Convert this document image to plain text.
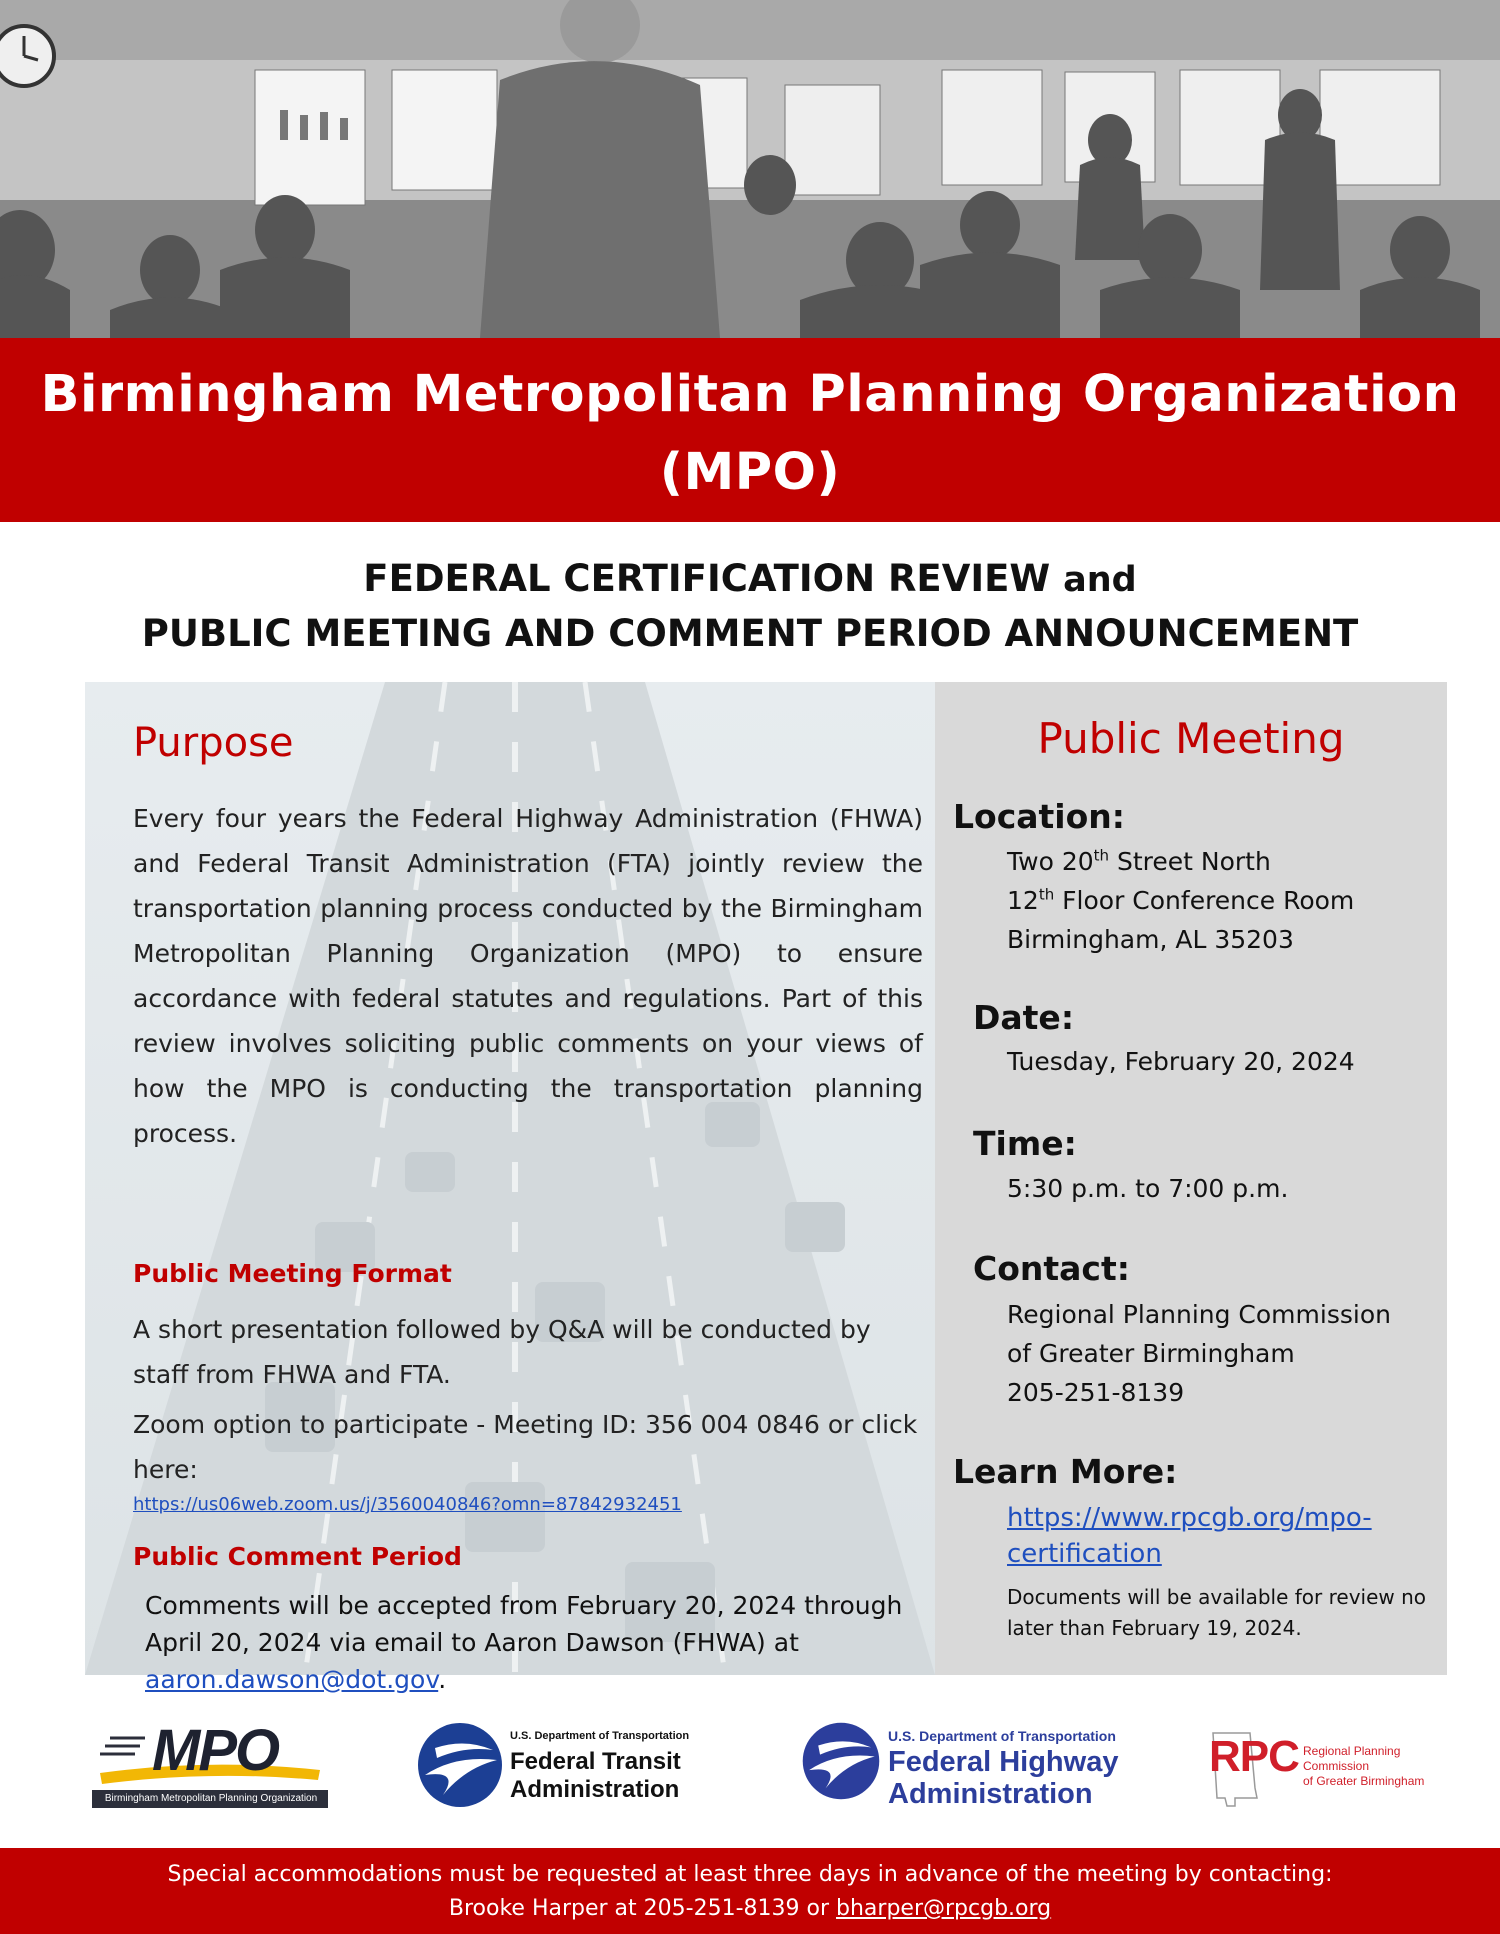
Birmingham Metropolitan Planning Organization
(MPO)
FEDERAL CERTIFICATION REVIEW and
PUBLIC MEETING AND COMMENT PERIOD ANNOUNCEMENT
Purpose
Every four years the Federal Highway Administration (FHWA) and Federal Transit Administration (FTA) jointly review the transportation planning process conducted by the Birmingham Metropolitan Planning Organization (MPO) to ensure accordance with federal statutes and regulations. Part of this review involves soliciting public comments on your views of how the MPO is conducting the transportation planning process.
Public Meeting Format
A short presentation followed by Q&A will be conducted by staff from FHWA and FTA.
Zoom option to participate - Meeting ID: 356 004 0846 or click here:
https://us06web.zoom.us/j/3560040846?omn=87842932451
Public Comment Period
Comments will be accepted from February 20, 2024 through April 20, 2024 via email to Aaron Dawson (FHWA) at aaron.dawson@dot.gov.
Public Meeting
Location:
Two 20th Street North
12th Floor Conference Room
Birmingham, AL 35203
Date:
Tuesday, February 20, 2024
Time:
5:30 p.m. to 7:00 p.m.
Contact:
Regional Planning Commission
of Greater Birmingham
205-251-8139
Learn More:
https://www.rpcgb.org/mpo-certification
Documents will be available for review no later than February 19, 2024.
MPO
Birmingham Metropolitan Planning Organization
U.S. Department of Transportation
Federal Transit
Administration
U.S. Department of Transportation
Federal Highway
Administration
RPC Regional Planning Commission
of Greater Birmingham
Special accommodations must be requested at least three days in advance of the meeting by contacting:
Brooke Harper at 205-251-8139 or bharper@rpcgb.org
